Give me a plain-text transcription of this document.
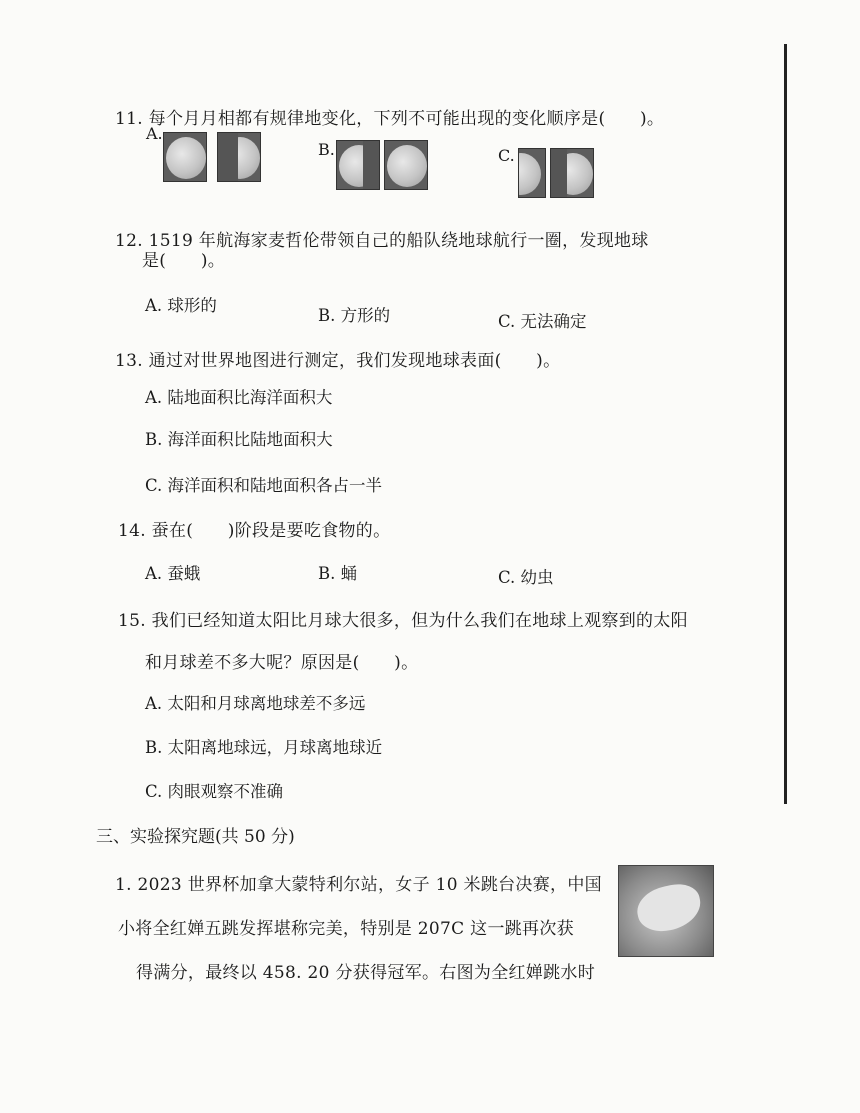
11. 每个月月相都有规律地变化，下列不可能出现的变化顺序是(　　)。
A.
B.	C.
12. 1519 年航海家麦哲伦带领自己的船队绕地球航行一圈，发现地球
是(　　)。
A. 球形的
B. 方形的	C. 无法确定
13. 通过对世界地图进行测定，我们发现地球表面(　　)。
A. 陆地面积比海洋面积大
B. 海洋面积比陆地面积大
C. 海洋面积和陆地面积各占一半
14. 蚕在(　　)阶段是要吃食物的。
A. 蚕蛾	B. 蛹	C. 幼虫
15. 我们已经知道太阳比月球大很多，但为什么我们在地球上观察到的太阳
和月球差不多大呢？原因是(　　)。
A. 太阳和月球离地球差不多远
B. 太阳离地球远，月球离地球近
C. 肉眼观察不准确
三、实验探究题(共 50 分)
1. 2023 世界杯加拿大蒙特利尔站，女子 10 米跳台决赛，中国
小将全红婵五跳发挥堪称完美，特别是 207C 这一跳再次获
得满分，最终以 458. 20 分获得冠军。右图为全红婵跳水时
